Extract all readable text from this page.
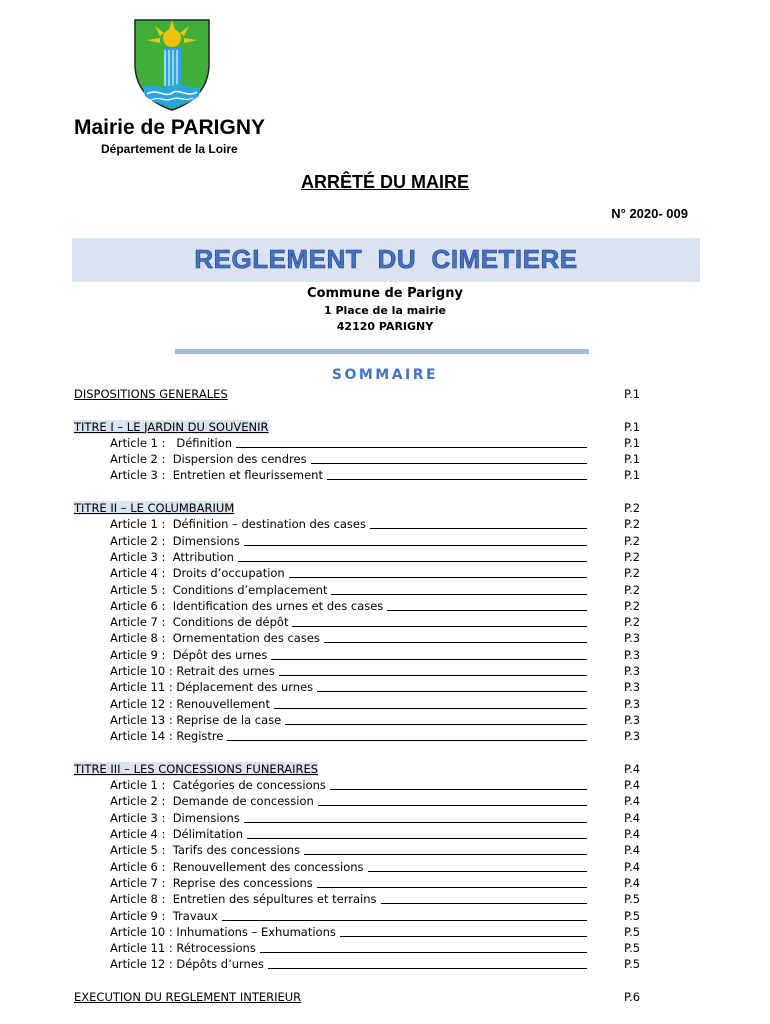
Mairie de PARIGNY
Département de la Loire
ARRÊTÉ DU MAIRE
N° 2020- 009
REGLEMENT  DU  CIMETIERE
Commune de Parigny
1 Place de la mairie
42120 PARIGNY
SOMMAIRE
DISPOSITIONS GENERALES	P.1
TITRE I – LE JARDIN DU SOUVENIR	P.1
Article 1 :   Définition	P.1
Article 2 :  Dispersion des cendres	P.1
Article 3 :  Entretien et fleurissement	P.1
TITRE II – LE COLUMBARIUM	P.2
Article 1 :  Définition – destination des cases	P.2
Article 2 :  Dimensions	P.2
Article 3 :  Attribution	P.2
Article 4 :  Droits d’occupation	P.2
Article 5 :  Conditions d’emplacement	P.2
Article 6 :  Identification des urnes et des cases	P.2
Article 7 :  Conditions de dépôt	P.2
Article 8 :  Ornementation des cases	P.3
Article 9 :  Dépôt des urnes	P.3
Article 10 : Retrait des urnes	P.3
Article 11 : Déplacement des urnes	P.3
Article 12 : Renouvellement	P.3
Article 13 : Reprise de la case	P.3
Article 14 : Registre	P.3
TITRE III – LES CONCESSIONS FUNERAIRES	P.4
Article 1 :  Catégories de concessions	P.4
Article 2 :  Demande de concession	P.4
Article 3 :  Dimensions	P.4
Article 4 :  Délimitation	P.4
Article 5 :  Tarifs des concessions	P.4
Article 6 :  Renouvellement des concessions	P.4
Article 7 :  Reprise des concessions	P.4
Article 8 :  Entretien des sépultures et terrains	P.5
Article 9 :  Travaux	P.5
Article 10 : Inhumations – Exhumations	P.5
Article 11 : Rétrocessions	P.5
Article 12 : Dépôts d’urnes	P.5
EXECUTION DU REGLEMENT INTERIEUR	P.6
